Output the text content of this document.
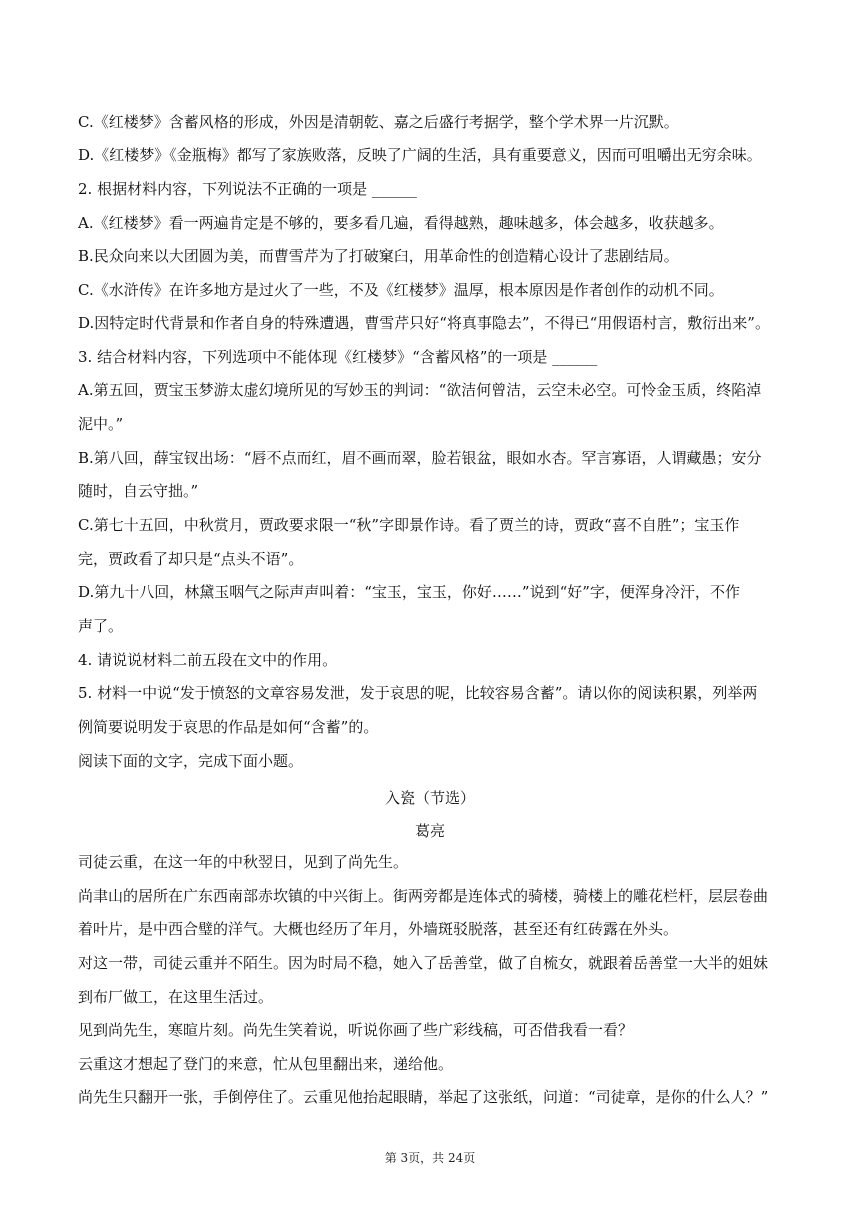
C.《红楼梦》含蓄风格的形成，外因是清朝乾、嘉之后盛行考据学，整个学术界一片沉默。
D.《红楼梦》《金瓶梅》都写了家族败落，反映了广阔的生活，具有重要意义，因而可咀嚼出无穷余味。
2. 根据材料内容，下列说法不正确的一项是 ______
A.《红楼梦》看一两遍肯定是不够的，要多看几遍，看得越熟，趣味越多，体会越多，收获越多。
B.民众向来以大团圆为美，而曹雪芹为了打破窠臼，用革命性的创造精心设计了悲剧结局。
C.《水浒传》在许多地方是过火了一些，不及《红楼梦》温厚，根本原因是作者创作的动机不同。
D.因特定时代背景和作者自身的特殊遭遇，曹雪芹只好“将真事隐去”，不得已“用假语村言，敷衍出来”。
3. 结合材料内容，下列选项中不能体现《红楼梦》“含蓄风格”的一项是 ______
A.第五回，贾宝玉梦游太虚幻境所见的写妙玉的判词：“欲洁何曾洁，云空未必空。可怜金玉质，终陷淖
泥中。”
B.第八回，薛宝钗出场：“唇不点而红，眉不画而翠，脸若银盆，眼如水杏。罕言寡语，人谓藏愚；安分
随时，自云守拙。”
C.第七十五回，中秋赏月，贾政要求限一“秋”字即景作诗。看了贾兰的诗，贾政“喜不自胜”；宝玉作
完，贾政看了却只是“点头不语”。
D.第九十八回，林黛玉咽气之际声声叫着：“宝玉，宝玉，你好……”说到“好”字，便浑身冷汗，不作
声了。
4. 请说说材料二前五段在文中的作用。
5. 材料一中说“发于愤怒的文章容易发泄，发于哀思的呢，比较容易含蓄”。请以你的阅读积累，列举两
例简要说明发于哀思的作品是如何“含蓄”的。
阅读下面的文字，完成下面小题。
入瓷（节选）
葛亮
司徒云重，在这一年的中秋翌日，见到了尚先生。
尚聿山的居所在广东西南部赤坎镇的中兴街上。街两旁都是连体式的骑楼，骑楼上的雕花栏杆，层层卷曲
着叶片，是中西合璧的洋气。大概也经历了年月，外墙斑驳脱落，甚至还有红砖露在外头。
对这一带，司徒云重并不陌生。因为时局不稳，她入了岳善堂，做了自梳女，就跟着岳善堂一大半的姐妹
到布厂做工，在这里生活过。
见到尚先生，寒暄片刻。尚先生笑着说，听说你画了些广彩线稿，可否借我看一看？
云重这才想起了登门的来意，忙从包里翻出来，递给他。
尚先生只翻开一张，手倒停住了。云重见他抬起眼睛，举起了这张纸，问道：“司徒章，是你的什么人？”
第 3页，共 24页
